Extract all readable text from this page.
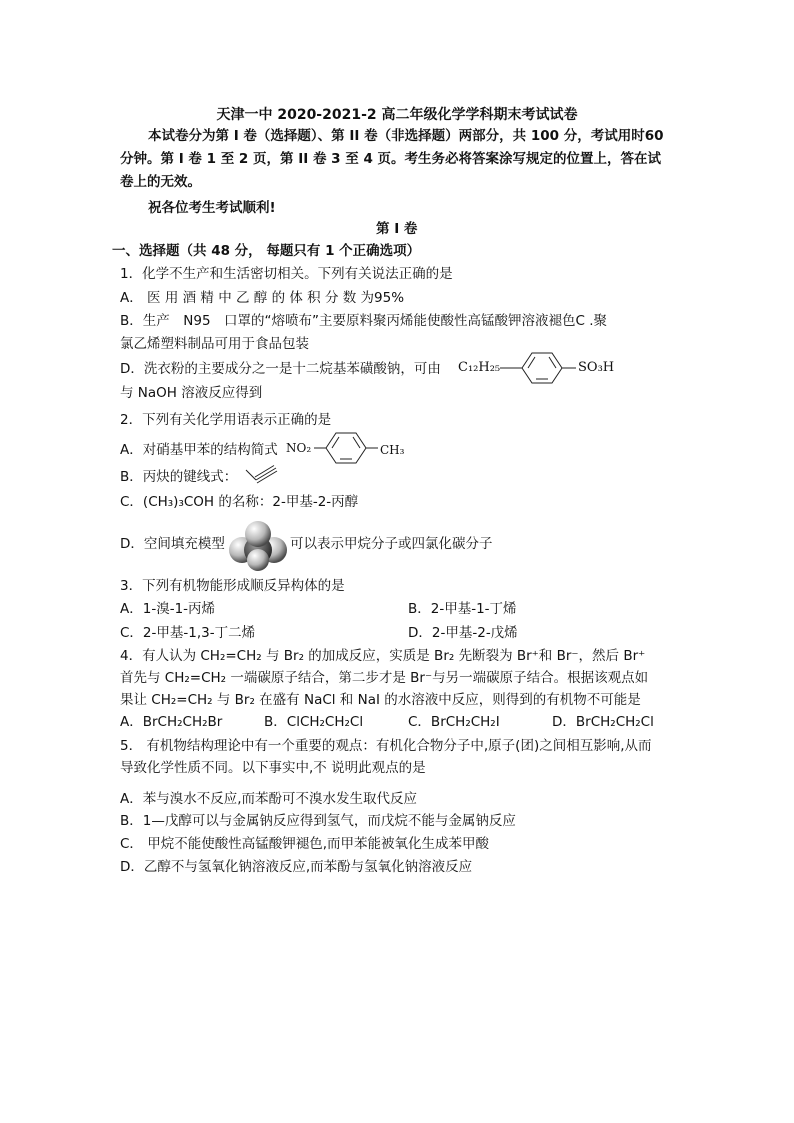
天津一中 2020-2021-2 高二年级化学学科期末考试试卷
本试卷分为第 I 卷（选择题）、第 II 卷（非选择题）两部分，共 100 分，考试用时60
分钟。第 I 卷 1 至 2 页，第 II 卷 3 至 4 页。考生务必将答案涂写规定的位置上，答在试
卷上的无效。
祝各位考生考试顺利!
第 I 卷
一、选择题（共 48 分， 每题只有 1 个正确选项）
1．化学不生产和生活密切相关。下列有关说法正确的是
A． 医 用 酒 精 中 乙 醇 的 体 积 分 数 为95%
B．生产　N95　口罩的“熔喷布”主要原料聚丙烯能使酸性高锰酸钾溶液褪色C .聚
氯乙烯塑料制品可用于食品包装
D．洗衣粉的主要成分之一是十二烷基苯磺酸钠，可由 C₁₂H₂₅	SO₃H
与 NaOH 溶液反应得到
2．下列有关化学用语表示正确的是
A．对硝基甲苯的结构简式 NO₂	CH₃
B．丙炔的键线式：
C．(CH₃)₃COH 的名称：2-甲基-2-丙醇
D．空间填充模型	可以表示甲烷分子或四氯化碳分子
3．下列有机物能形成顺反异构体的是
A．1-溴-1-丙烯	B．2-甲基-1-丁烯
C．2-甲基-1,3-丁二烯	D．2-甲基-2-戊烯
4．有人认为 CH₂=CH₂ 与 Br₂ 的加成反应，实质是 Br₂ 先断裂为 Br⁺和 Br⁻，然后 Br⁺
首先与 CH₂=CH₂ 一端碳原子结合，第二步才是 Br⁻与另一端碳原子结合。根据该观点如
果让 CH₂=CH₂ 与 Br₂ 在盛有 NaCl 和 NaI 的水溶液中反应，则得到的有机物不可能是
A．BrCH₂CH₂Br	B．ClCH₂CH₂Cl	C．BrCH₂CH₂I	D．BrCH₂CH₂Cl
5． 有机物结构理论中有一个重要的观点：有机化合物分子中,原子(团)之间相互影响,从而
导致化学性质不同。以下事实中,不 说明此观点的是
A．苯与溴水不反应,而苯酚可不溴水发生取代反应
B．1—戊醇可以与金属钠反应得到氢气，而戊烷不能与金属钠反应
C． 甲烷不能使酸性高锰酸钾褪色,而甲苯能被氧化生成苯甲酸
D．乙醇不与氢氧化钠溶液反应,而苯酚与氢氧化钠溶液反应
